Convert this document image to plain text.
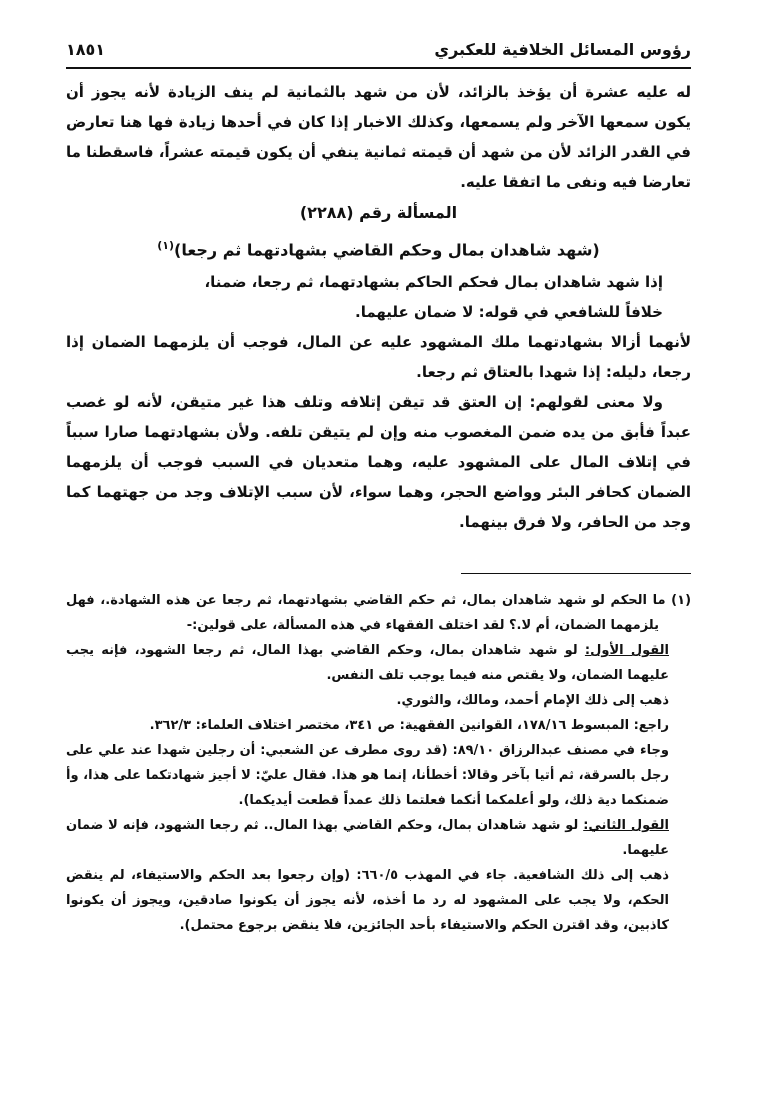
رؤوس المسائل الخلافية للعكبري
١٨٥١

له عليه عشرة أن يؤخذ بالزائد، لأن من شهد بالثمانية لم ينف الزيادة لأنه يجوز أن يكون سمعها الآخر ولم يسمعها، وكذلك الاخبار إذا كان في أحدها زيادة فها هنا تعارض في القدر الزائد لأن من شهد أن قيمته ثمانية ينفي أن يكون قيمته عشراً، فاسقطنا ما تعارضا فيه ونفى ما اتفقا عليه.

المسألة رقم (٢٢٨٨)

(شهد شاهدان بمال وحكم القاضي بشهادتهما ثم رجعا)$^{(١)}$

إذا شهد شاهدان بمال فحكم الحاكم بشهادتهما، ثم رجعا، ضمنا،

خلافاً للشافعي في قوله: لا ضمان عليهما.

لأنهما أزالا بشهادتهما ملك المشهود عليه عن المال، فوجب أن يلزمهما الضمان إذا رجعا، دليله: إذا شهدا بالعتاق ثم رجعا.

ولا معنى لقولهم: إن العتق قد تيقن إتلافه وتلف هذا غير متيقن، لأنه لو غصب عبداً فأبق من يده ضمن المغصوب منه وإن لم يتيقن تلفه. ولأن بشهادتهما صارا سبباً في إتلاف المال على المشهود عليه، وهما متعديان في السبب فوجب أن يلزمهما الضمان كحافر البئر وواضع الحجر، وهما سواء، لأن سبب الإتلاف وجد من جهتهما كما وجد من الحافر، ولا فرق بينهما.

(١) ما الحكم لو شهد شاهدان بمال، ثم حكم القاضي بشهادتهما، ثم رجعا عن هذه الشهادة.، فهل يلزمهما الضمان، أم لا.؟ لقد اختلف الفقهاء في هذه المسألة، على قولين:-

القول الأول: لو شهد شاهدان بمال، وحكم القاضي بهذا المال، ثم رجعا الشهود، فإنه يجب عليهما الضمان، ولا يقتص منه فيما يوجب تلف النفس.

ذهب إلى ذلك الإمام أحمد، ومالك، والثوري.

راجع: المبسوط ١٧٨/١٦، القوانين الفقهية: ص ٣٤١، مختصر اختلاف العلماء: ٣٦٢/٣.

وجاء في مصنف عبدالرزاق ٨٩/١٠: (قد روى مطرف عن الشعبي: أن رجلين شهدا عند علي على رجل بالسرقة، ثم أتيا بآخر وقالا: أخطأنا، إنما هو هذا. فقال عليّ: لا أجيز شهادتكما على هذا، وأ ضمنكما دية ذلك، ولو أعلمكما أنكما فعلتما ذلك عمداً قطعت أيديكما).

القول الثاني: لو شهد شاهدان بمال، وحكم القاضي بهذا المال.. ثم رجعا الشهود، فإنه لا ضمان عليهما.

ذهب إلى ذلك الشافعية. جاء في المهذب ٦٦٠/٥: (وإن رجعوا بعد الحكم والاستيفاء، لم ينقض الحكم، ولا يجب على المشهود له رد ما أخذه، لأنه يجوز أن يكونوا صادقين، ويجوز أن يكونوا كاذبين، وقد اقترن الحكم والاستيفاء بأحد الجائزين، فلا ينقض برجوع محتمل).
